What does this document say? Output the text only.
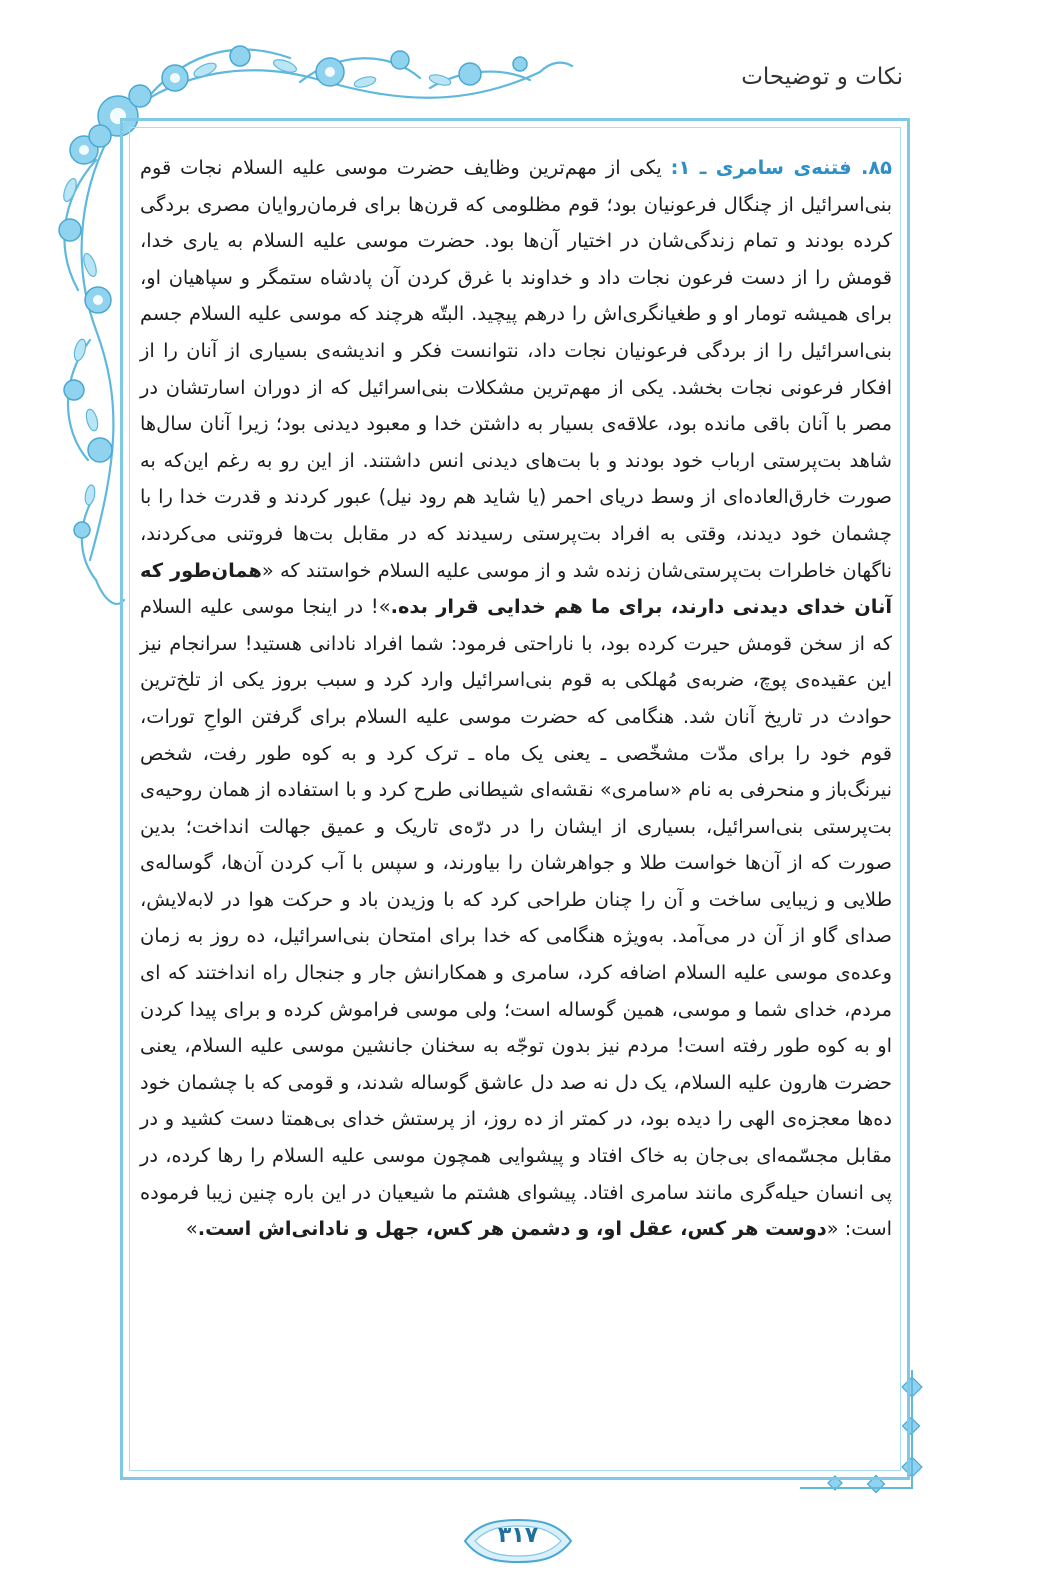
نکات و توضیحات

۸۵. فتنه‌ی سامری ـ ۱: یکی از مهم‌ترین وظایف حضرت موسی علیه السلام نجات قوم بنی‌اسرائیل از چنگال فرعونیان بود؛ قوم مظلومی که قرن‌ها برای فرمان‌روایان مصری بردگی کرده بودند و تمام زندگی‌شان در اختیار آن‌ها بود. حضرت موسی علیه السلام به یاری خدا، قومش را از دست فرعون نجات داد و خداوند با غرق کردن آن پادشاه ستمگر و سپاهیان او، برای همیشه تومار او و طغیانگری‌اش را درهم پیچید. البتّه هرچند که موسی علیه السلام جسم بنی‌اسرائیل را از بردگی فرعونیان نجات داد، نتوانست فکر و اندیشه‌ی بسیاری از آنان را از افکار فرعونی نجات بخشد. یکی از مهم‌ترین مشکلات بنی‌اسرائیل که از دوران اسارتشان در مصر با آنان باقی مانده بود، علاقه‌ی بسیار به داشتن خدا و معبود دیدنی بود؛ زیرا آنان سال‌ها شاهد بت‌پرستی ارباب خود بودند و با بت‌های دیدنی انس داشتند. از این رو به رغم این‌که به صورت خارق‌العاده‌ای از وسط دریای احمر (یا شاید هم رود نیل) عبور کردند و قدرت خدا را با چشمان خود دیدند، وقتی به افراد بت‌پرستی رسیدند که در مقابل بت‌ها فروتنی می‌کردند، ناگهان خاطرات بت‌پرستی‌شان زنده شد و از موسی علیه السلام خواستند که «همان‌طور که آنان خدای دیدنی دارند، برای ما هم خدایی قرار بده.»! در اینجا موسی علیه السلام که از سخن قومش حیرت کرده بود، با ناراحتی فرمود: شما افراد نادانی هستید! سرانجام نیز این عقیده‌ی پوچ، ضربه‌ی مُهلکی به قوم بنی‌اسرائیل وارد کرد و سبب بروز یکی از تلخ‌ترین حوادث در تاریخ آنان شد. هنگامی که حضرت موسی علیه السلام برای گرفتن الواحِ تورات، قوم خود را برای مدّت مشخّصی ـ یعنی یک ماه ـ ترک کرد و به کوه طور رفت، شخص نیرنگ‌باز و منحرفی به نام «سامری» نقشه‌ای شیطانی طرح کرد و با استفاده از همان روحیه‌ی بت‌پرستی بنی‌اسرائیل، بسیاری از ایشان را در درّه‌ی تاریک و عمیق جهالت انداخت؛ بدین صورت که از آن‌ها خواست طلا و جواهرشان را بیاورند، و سپس با آب کردن آن‌ها، گوساله‌ی طلایی و زیبایی ساخت و آن را چنان طراحی کرد که با وزیدن باد و حرکت هوا در لابه‌لایش، صدای گاو از آن در می‌آمد. به‌ویژه هنگامی که خدا برای امتحان بنی‌اسرائیل، ده روز به زمان وعده‌ی موسی علیه السلام اضافه کرد، سامری و همکارانش جار و جنجال راه انداختند که ای مردم، خدای شما و موسی، همین گوساله است؛ ولی موسی فراموش کرده و برای پیدا کردن او به کوه طور رفته است! مردم نیز بدون توجّه به سخنان جانشین موسی علیه السلام، یعنی حضرت هارون علیه السلام، یک دل نه صد دل عاشق گوساله شدند، و قومی که با چشمان خود ده‌ها معجزه‌ی الهی را دیده بود، در کمتر از ده روز، از پرستش خدای بی‌همتا دست کشید و در مقابل مجسّمه‌ای بی‌جان به خاک افتاد و پیشوایی همچون موسی علیه السلام را رها کرده، در پی انسان حیله‌گری مانند سامری افتاد. پیشوای هشتم ما شیعیان در این باره چنین زیبا فرموده است: «دوست هر کس، عقل او، و دشمن هر کس، جهل و نادانی‌اش است.»

۳۱۷
